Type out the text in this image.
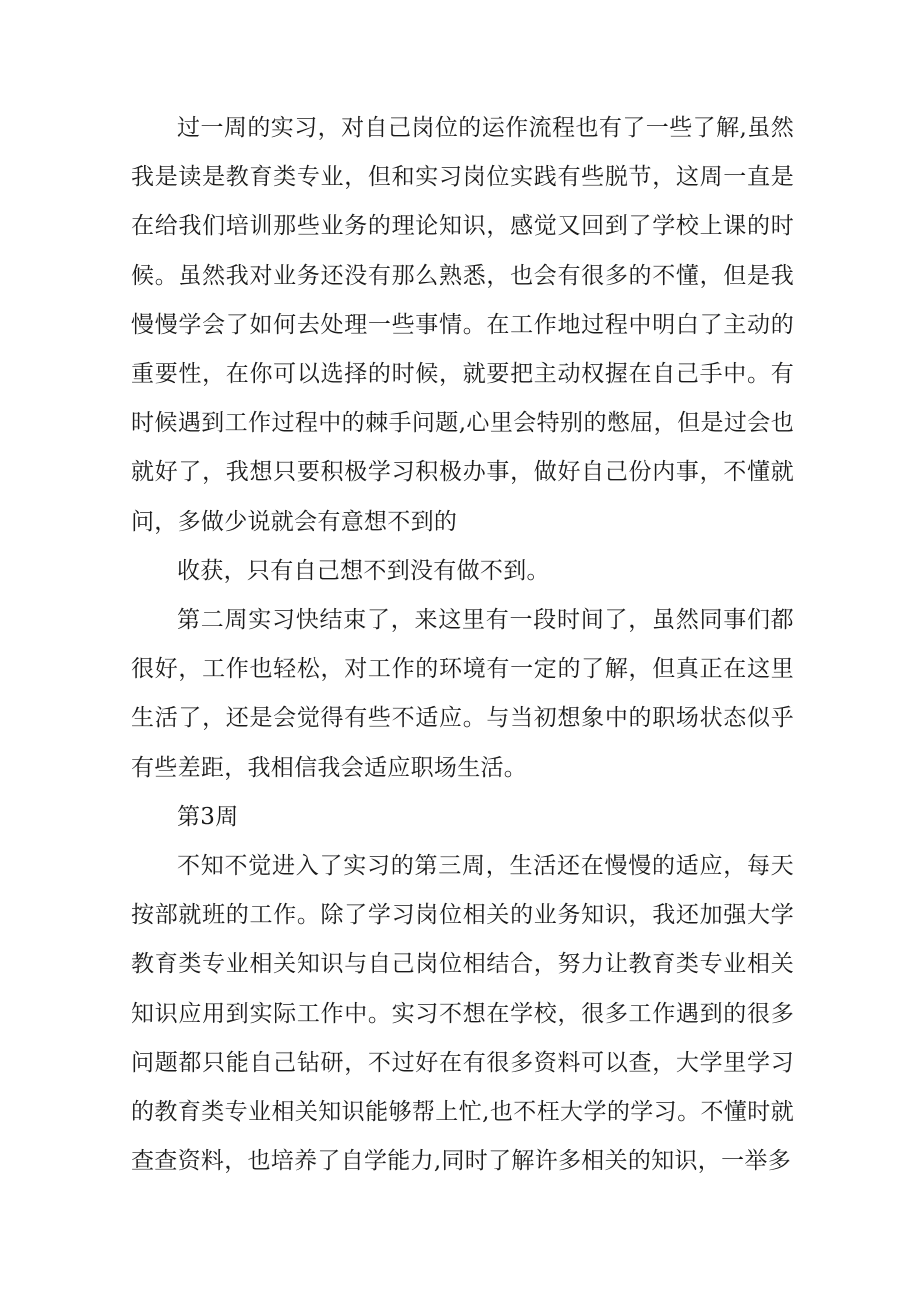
过一周的实习，对自己岗位的运作流程也有了一些了解,虽然我是读是教育类专业，但和实习岗位实践有些脱节，这周一直是在给我们培训那些业务的理论知识，感觉又回到了学校上课的时候。虽然我对业务还没有那么熟悉，也会有很多的不懂，但是我慢慢学会了如何去处理一些事情。在工作地过程中明白了主动的重要性，在你可以选择的时候，就要把主动权握在自己手中。有时候遇到工作过程中的棘手问题,心里会特别的憋屈，但是过会也就好了，我想只要积极学习积极办事，做好自己份内事，不懂就问，多做少说就会有意想不到的

收获，只有自己想不到没有做不到。

第二周实习快结束了，来这里有一段时间了，虽然同事们都很好，工作也轻松，对工作的环境有一定的了解，但真正在这里生活了，还是会觉得有些不适应。与当初想象中的职场状态似乎有些差距，我相信我会适应职场生活。

第3周

不知不觉进入了实习的第三周，生活还在慢慢的适应，每天按部就班的工作。除了学习岗位相关的业务知识，我还加强大学教育类专业相关知识与自己岗位相结合，努力让教育类专业相关知识应用到实际工作中。实习不想在学校，很多工作遇到的很多问题都只能自己钻研，不过好在有很多资料可以查，大学里学习的教育类专业相关知识能够帮上忙,也不枉大学的学习。不懂时就查查资料，也培养了自学能力,同时了解许多相关的知识，一举多
